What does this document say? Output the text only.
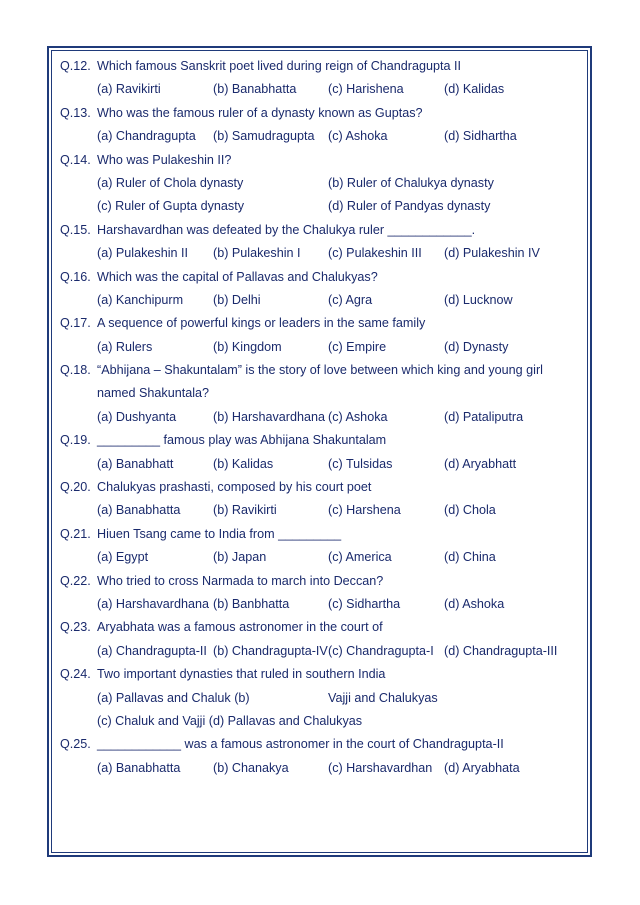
Q.12. Which famous Sanskrit poet lived during reign of Chandragupta II
(a) Ravikirti	(b) Banabhatta	(c) Harishena	(d) Kalidas
Q.13. Who was the famous ruler of a dynasty known as Guptas?
(a) Chandragupta (b) Samudragupta (c) Ashoka	(d) Sidhartha
Q.14. Who was Pulakeshin II?
(a) Ruler of Chola dynasty	(b) Ruler of Chalukya dynasty
(c) Ruler of Gupta dynasty	(d) Ruler of Pandyas dynasty
Q.15. Harshavardhan was defeated by the Chalukya ruler ____________.
(a) Pulakeshin II (b) Pulakeshin I (c) Pulakeshin III (d) Pulakeshin IV
Q.16. Which was the capital of Pallavas and Chalukyas?
(a) Kanchipurm (b) Delhi	(c) Agra	(d) Lucknow
Q.17. A sequence of powerful kings or leaders in the same family
(a) Rulers	(b) Kingdom	(c) Empire	(d) Dynasty
Q.18. “Abhijana – Shakuntalam” is the story of love between which king and young girl
named Shakuntala?
(a) Dushyanta	(b) Harshavardhana (c) Ashoka	(d) Pataliputra
Q.19. _________ famous play was Abhijana Shakuntalam
(a) Banabhatt	(b) Kalidas	(c) Tulsidas	(d) Aryabhatt
Q.20. Chalukyas prashasti, composed by his court poet
(a) Banabhatta	(b) Ravikirti	(c) Harshena	(d) Chola
Q.21. Hiuen Tsang came to India from _________
(a) Egypt	(b) Japan	(c) America	(d) China
Q.22. Who tried to cross Narmada to march into Deccan?
(a) Harshavardhana (b) Banbhatta	(c) Sidhartha	(d) Ashoka
Q.23. Aryabhata was a famous astronomer in the court of
(a) Chandragupta-II (b) Chandragupta-IV (c) Chandragupta-I (d) Chandragupta-III
Q.24. Two important dynasties that ruled in southern India
(a) Pallavas and Chaluk (b)	Vajji and Chalukyas
(c) Chaluk and Vajji (d) Pallavas and Chalukyas
Q.25. ____________ was a famous astronomer in the court of Chandragupta-II
(a) Banabhatta	(b) Chanakya	(c) Harshavardhan (d) Aryabhata
